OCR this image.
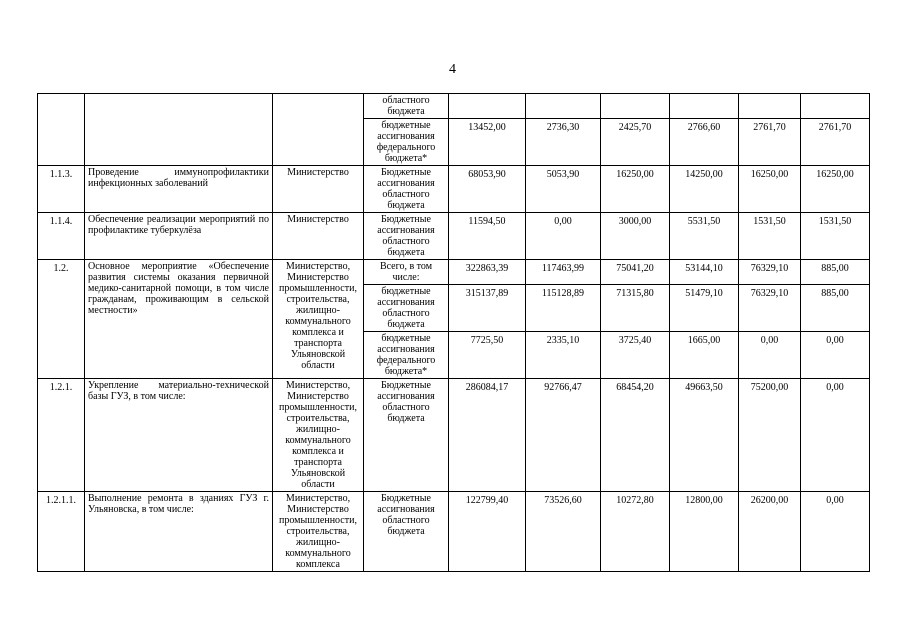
4
			областного бюджета						
			бюджетные ассигнования федерального бюджета*	13452,00	2736,30	2425,70	2766,60	2761,70	2761,70
1.1.3.	Проведение иммунопрофилактики инфекционных заболеваний	Министерство	Бюджетные ассигнования областного бюджета	68053,90	5053,90	16250,00	14250,00	16250,00	16250,00
1.1.4.	Обеспечение реализации мероприятий по профилактике туберкулёза	Министерство	Бюджетные ассигнования областного бюджета	11594,50	0,00	3000,00	5531,50	1531,50	1531,50
1.2.	Основное мероприятие «Обеспечение развития системы оказания первичной медико-санитарной помощи, в том числе гражданам, проживающим в сельской местности»	Министерство, Министерство промышленности, строительства, жилищно-коммунального комплекса и транспорта Ульяновской области	Всего, в том числе:	322863,39	117463,99	75041,20	53144,10	76329,10	885,00
			бюджетные ассигнования областного бюджета	315137,89	115128,89	71315,80	51479,10	76329,10	885,00
			бюджетные ассигнования федерального бюджета*	7725,50	2335,10	3725,40	1665,00	0,00	0,00
1.2.1.	Укрепление материально-технической базы ГУЗ, в том числе:	Министерство, Министерство промышленности, строительства, жилищно-коммунального комплекса и транспорта Ульяновской области	Бюджетные ассигнования областного бюджета	286084,17	92766,47	68454,20	49663,50	75200,00	0,00
1.2.1.1.	Выполнение ремонта в зданиях ГУЗ г. Ульяновска, в том числе:	Министерство, Министерство промышленности, строительства, жилищно-коммунального комплекса	Бюджетные ассигнования областного бюджета	122799,40	73526,60	10272,80	12800,00	26200,00	0,00
